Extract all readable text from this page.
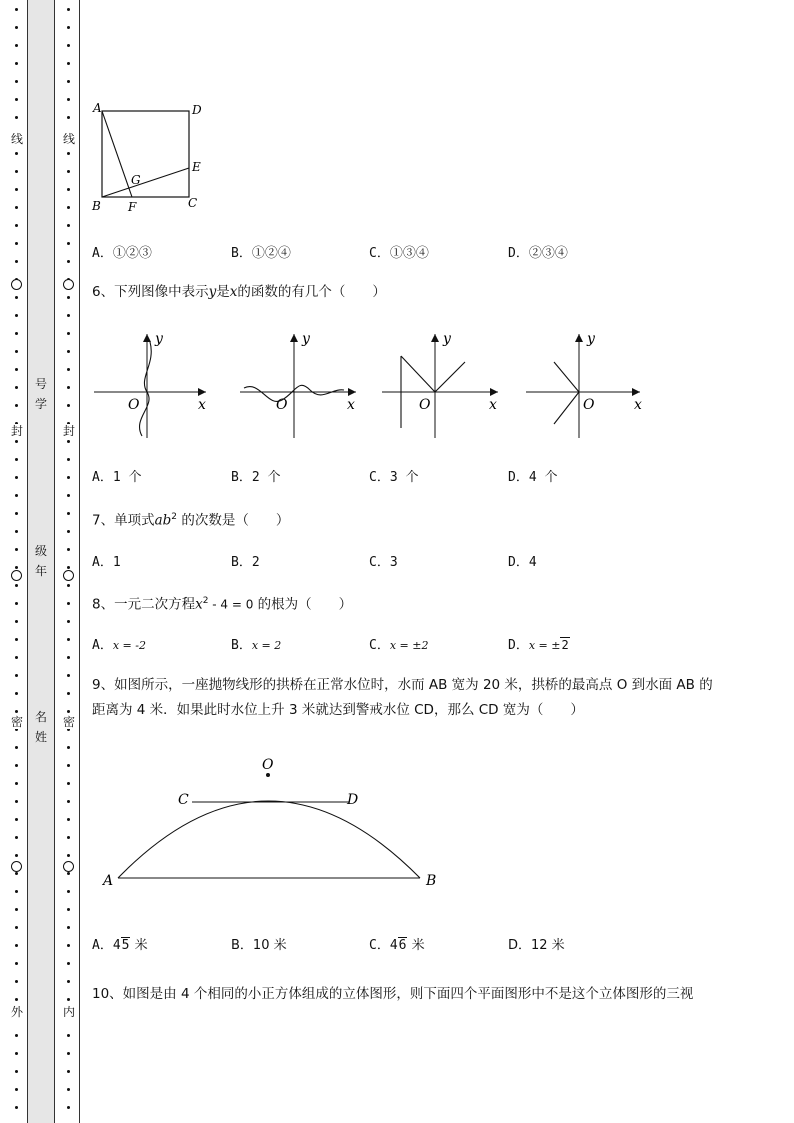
线
封
密
外
线
封
密
内
号
学
级
年
名
姓
A	D
E
G
B F	C
A．①②③	B．①②④	C．①③④	D．②③④
6、下列图像中表示y是x的函数的有几个（　　）
x
y
O	x
y
O	x
y
O	x
y
O
A．1 个	B．2 个	C．3 个	D．4 个
7、单项式$ab^2$ 的次数是（　　）
A．1	B．2	C．3	D．4
8、一元二次方程$x^2 - 4 = 0$ 的根为（　　）
A．x = -2	B．x = 2	C．x = ±2	D．x = ±2
9、如图所示，一座抛物线形的拱桥在正常水位时，水而 AB 宽为 20 米，拱桥的最高点 O 到水面 AB 的
距离为 4 米．如果此时水位上升 3 米就达到警戒水位 CD，那么 CD 宽为（　　）
O
C	D
A	B
A．45 米	B．10 米	C．46 米	D．12 米
10、如图是由 4 个相同的小正方体组成的立体图形，则下面四个平面图形中不是这个立体图形的三视
